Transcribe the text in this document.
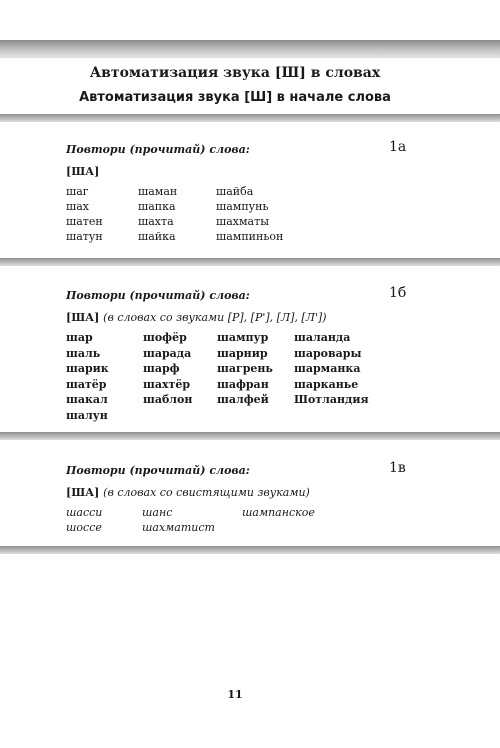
Автоматизация звука [Ш] в словах
Автоматизация звука [Ш] в начале слова
Повтори (прочитай) слова:	1а
[ША]
шаг	шаман	шайба
шах	шапка	шампунь
шатен	шахта	шахматы
шатун	шайка	шампиньон
Повтори (прочитай) слова:	1б
[ША] (в словах со звуками [Р], [Р'], [Л], [Л'])
шар	шофёр	шампур	шаланда
шаль	шарада	шарнир	шаровары
шарик	шарф	шагрень	шарманка
шатёр	шахтёр	шафран	шарканье
шакал	шаблон	шалфей	Шотландия
шалун
Повтори (прочитай) слова:	1в
[ША] (в словах со свистящими звуками)
шасси	шанс	шампанское
шоссе	шахматист
11
